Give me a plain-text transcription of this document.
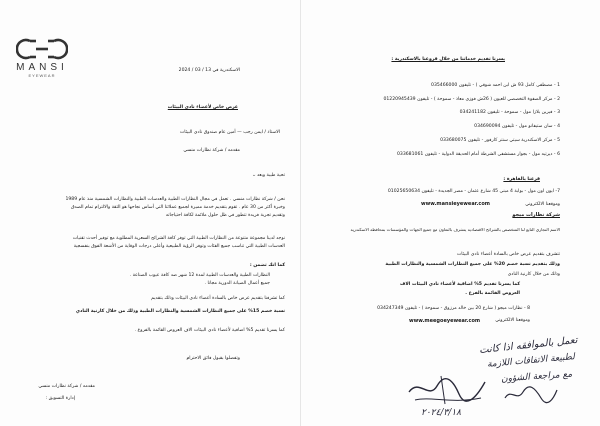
MANSI
EYEWEAR
الاسكندرية في 13 / 03 / 2024
عرض خاص لأعضاء نادي البيئات
الاستاذ / ايمن رجب — أمين عام صندوق نادي البيئات
مقدمه / شركة نظارات منسي
تحية طيبة وبعد ،،
نحن / شركة نظارات منسي . تعمل في مجال النظارات الطبية والعدسات الطبية والنظارات الشمسية منذ عام 1989
وخبرة أكثر من 30 عام . تقوم بتقديم خدمة مميزة لجميع عملائنا التي أساس نجاحها هو الثقة والالتزام تمام الصدق
وتقديم تجربة فريدة تتطور في ظل حلول ملائمة لكافة احتياجاته
نوجد لدينا مجموعة متنوعة من النظارات الطبية التي توفر كافة الشرائح السعرية المطلوبة مع توفير أحدث تقنيات
العدسات الطبية التي تناسب جميع الفئات وتوفر الرؤية الطبيعية وأعلى درجات الوقاية من الأشعة الفوق بنفسجية
كما انك تضمن :
النظارات الطبية والعدسات الطبية لمدة 12 شهر ضد كافة عيوب الصناعة .
جميع أعمال الصيانة الدورية مجانا .
كما تشرفنا بتقديم عرض خاص بالسادة أعضاء نادي البيئات وذلك بتقديم
نسبة خصم 15% على جميع النظارات الشمسية والنظارات الطبية وذلك من خلال كارنية النادي
كما يسرنا تقديم 5% اضافية لأعضاء نادي البيئات الاف العروض القائمة بالفروع .
وتفضلوا بقبول فائق الاحترام
مقدمه / شركة نظارات منسي
إدارة التسويق :
يسرنا تقديم خدماتنا من خلال فروعنا بالاسكندرية :
1 - مصطفى كامل 93 ش ابن احمد شوقي ) - تليفون 035466000
2 - مركز الصفوة التخصصي للعيون ( 26ش فوزي معاذ - سموحة ) - تليفون 01220945439
3 - فيرين بلازا مول - سموحة - تليفون 034241182
4 - سان ستيفانو مول - تليفون 034690094
5 - مركز الاسكندرية سيتي سنتر كارفور - تليفون 033680075
6 - ديرتيه مول - بجوار مستشفى الشرطة أمام الحديقة الدولية - تليفون 033681061
فرعنا بالقاهرة :
7- ايون اون مول - بوابة 4 مبنى 45 شارع عثمان - مصر الجديدة - تليفون 01025650634
وموقعنا الالكتروني
www.mansieyewear.com
شركة نظارات ميجو
الاسم التجاري التابع لنا المتخصص بالشرائح الاقتصادية يتشرف بالتعاون مع جميع الجهات والمؤسسات بمحافظة الاسكندرية
تتشرف بتقديم عرض خاص بالسادة أعضاء نادي البيئات
وذلك بتقديم نسبة خصم 20% على جميع النظارات الشمسية والنظارات الطبية
وذلك من خلال كارنية النادي
كما يسرنا تقديم 5% اضافية لأعضاء نادي البيئات الاف
العروض القائمة بالفرع .
8 - نظارات ميجو ( شارع 20 بين خالد مرزوق - سموحة ) - تليفون 034247349
وموقعنا الالكتروني
www.meegoeyewear.com
تعمل بالموافقه اذا كانت
لطبيعة الاتفاقات اللازمة
مع مراجعة الشؤون
٢٠٢٤/٣/١٨
